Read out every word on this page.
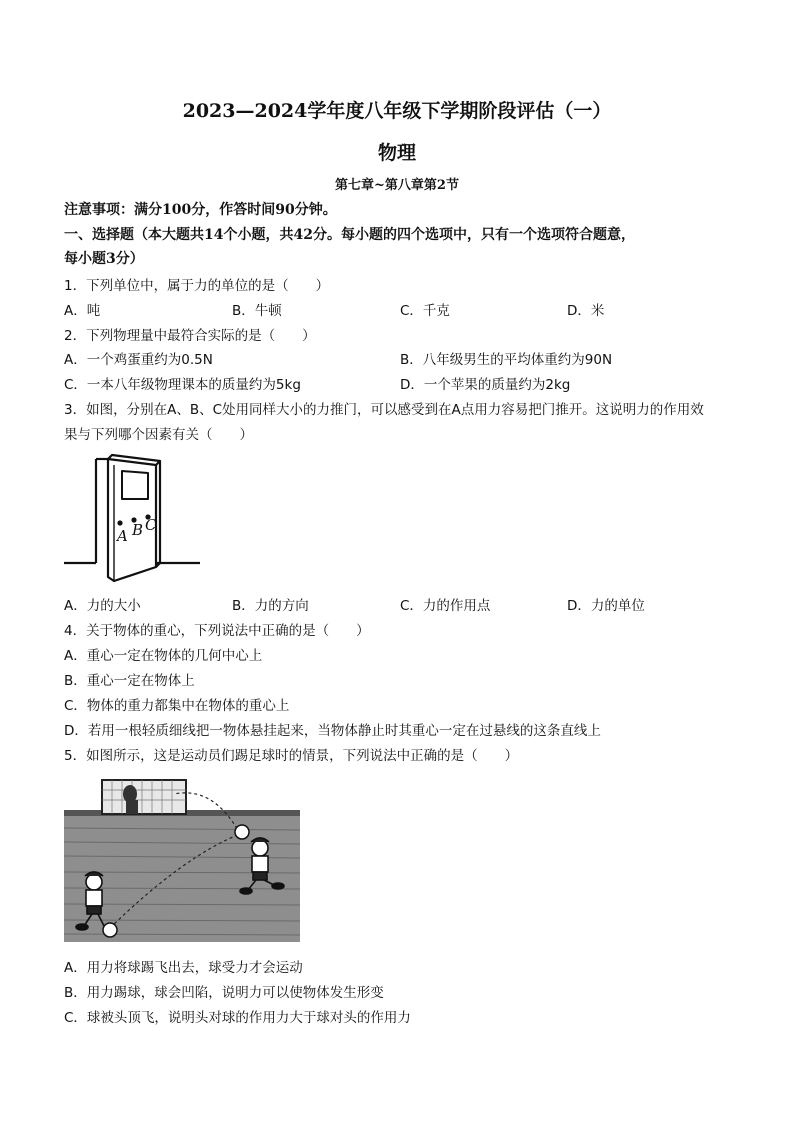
2023—2024学年度八年级下学期阶段评估（一）
物理
第七章~第八章第2节
注意事项：满分100分，作答时间90分钟。
一、选择题（本大题共14个小题，共42分。每小题的四个选项中，只有一个选项符合题意，
每小题3分）
1．下列单位中，属于力的单位的是（　　）
A．吨	B．牛顿	C．千克	D．米
2．下列物理量中最符合实际的是（　　）
A．一个鸡蛋重约为0.5N	B．八年级男生的平均体重约为90N
C．一本八年级物理课本的质量约为5kg	D．一个苹果的质量约为2kg
3．如图，分别在A、B、C处用同样大小的力推门，可以感受到在A点用力容易把门推开。这说明力的作用效
果与下列哪个因素有关（　　）
A B C
A．力的大小	B．力的方向	C．力的作用点	D．力的单位
4．关于物体的重心，下列说法中正确的是（　　）
A．重心一定在物体的几何中心上
B．重心一定在物体上
C．物体的重力都集中在物体的重心上
D．若用一根轻质细线把一物体悬挂起来，当物体静止时其重心一定在过悬线的这条直线上
5．如图所示，这是运动员们踢足球时的情景，下列说法中正确的是（　　）
A．用力将球踢飞出去，球受力才会运动
B．用力踢球，球会凹陷，说明力可以使物体发生形变
C．球被头顶飞，说明头对球的作用力大于球对头的作用力
